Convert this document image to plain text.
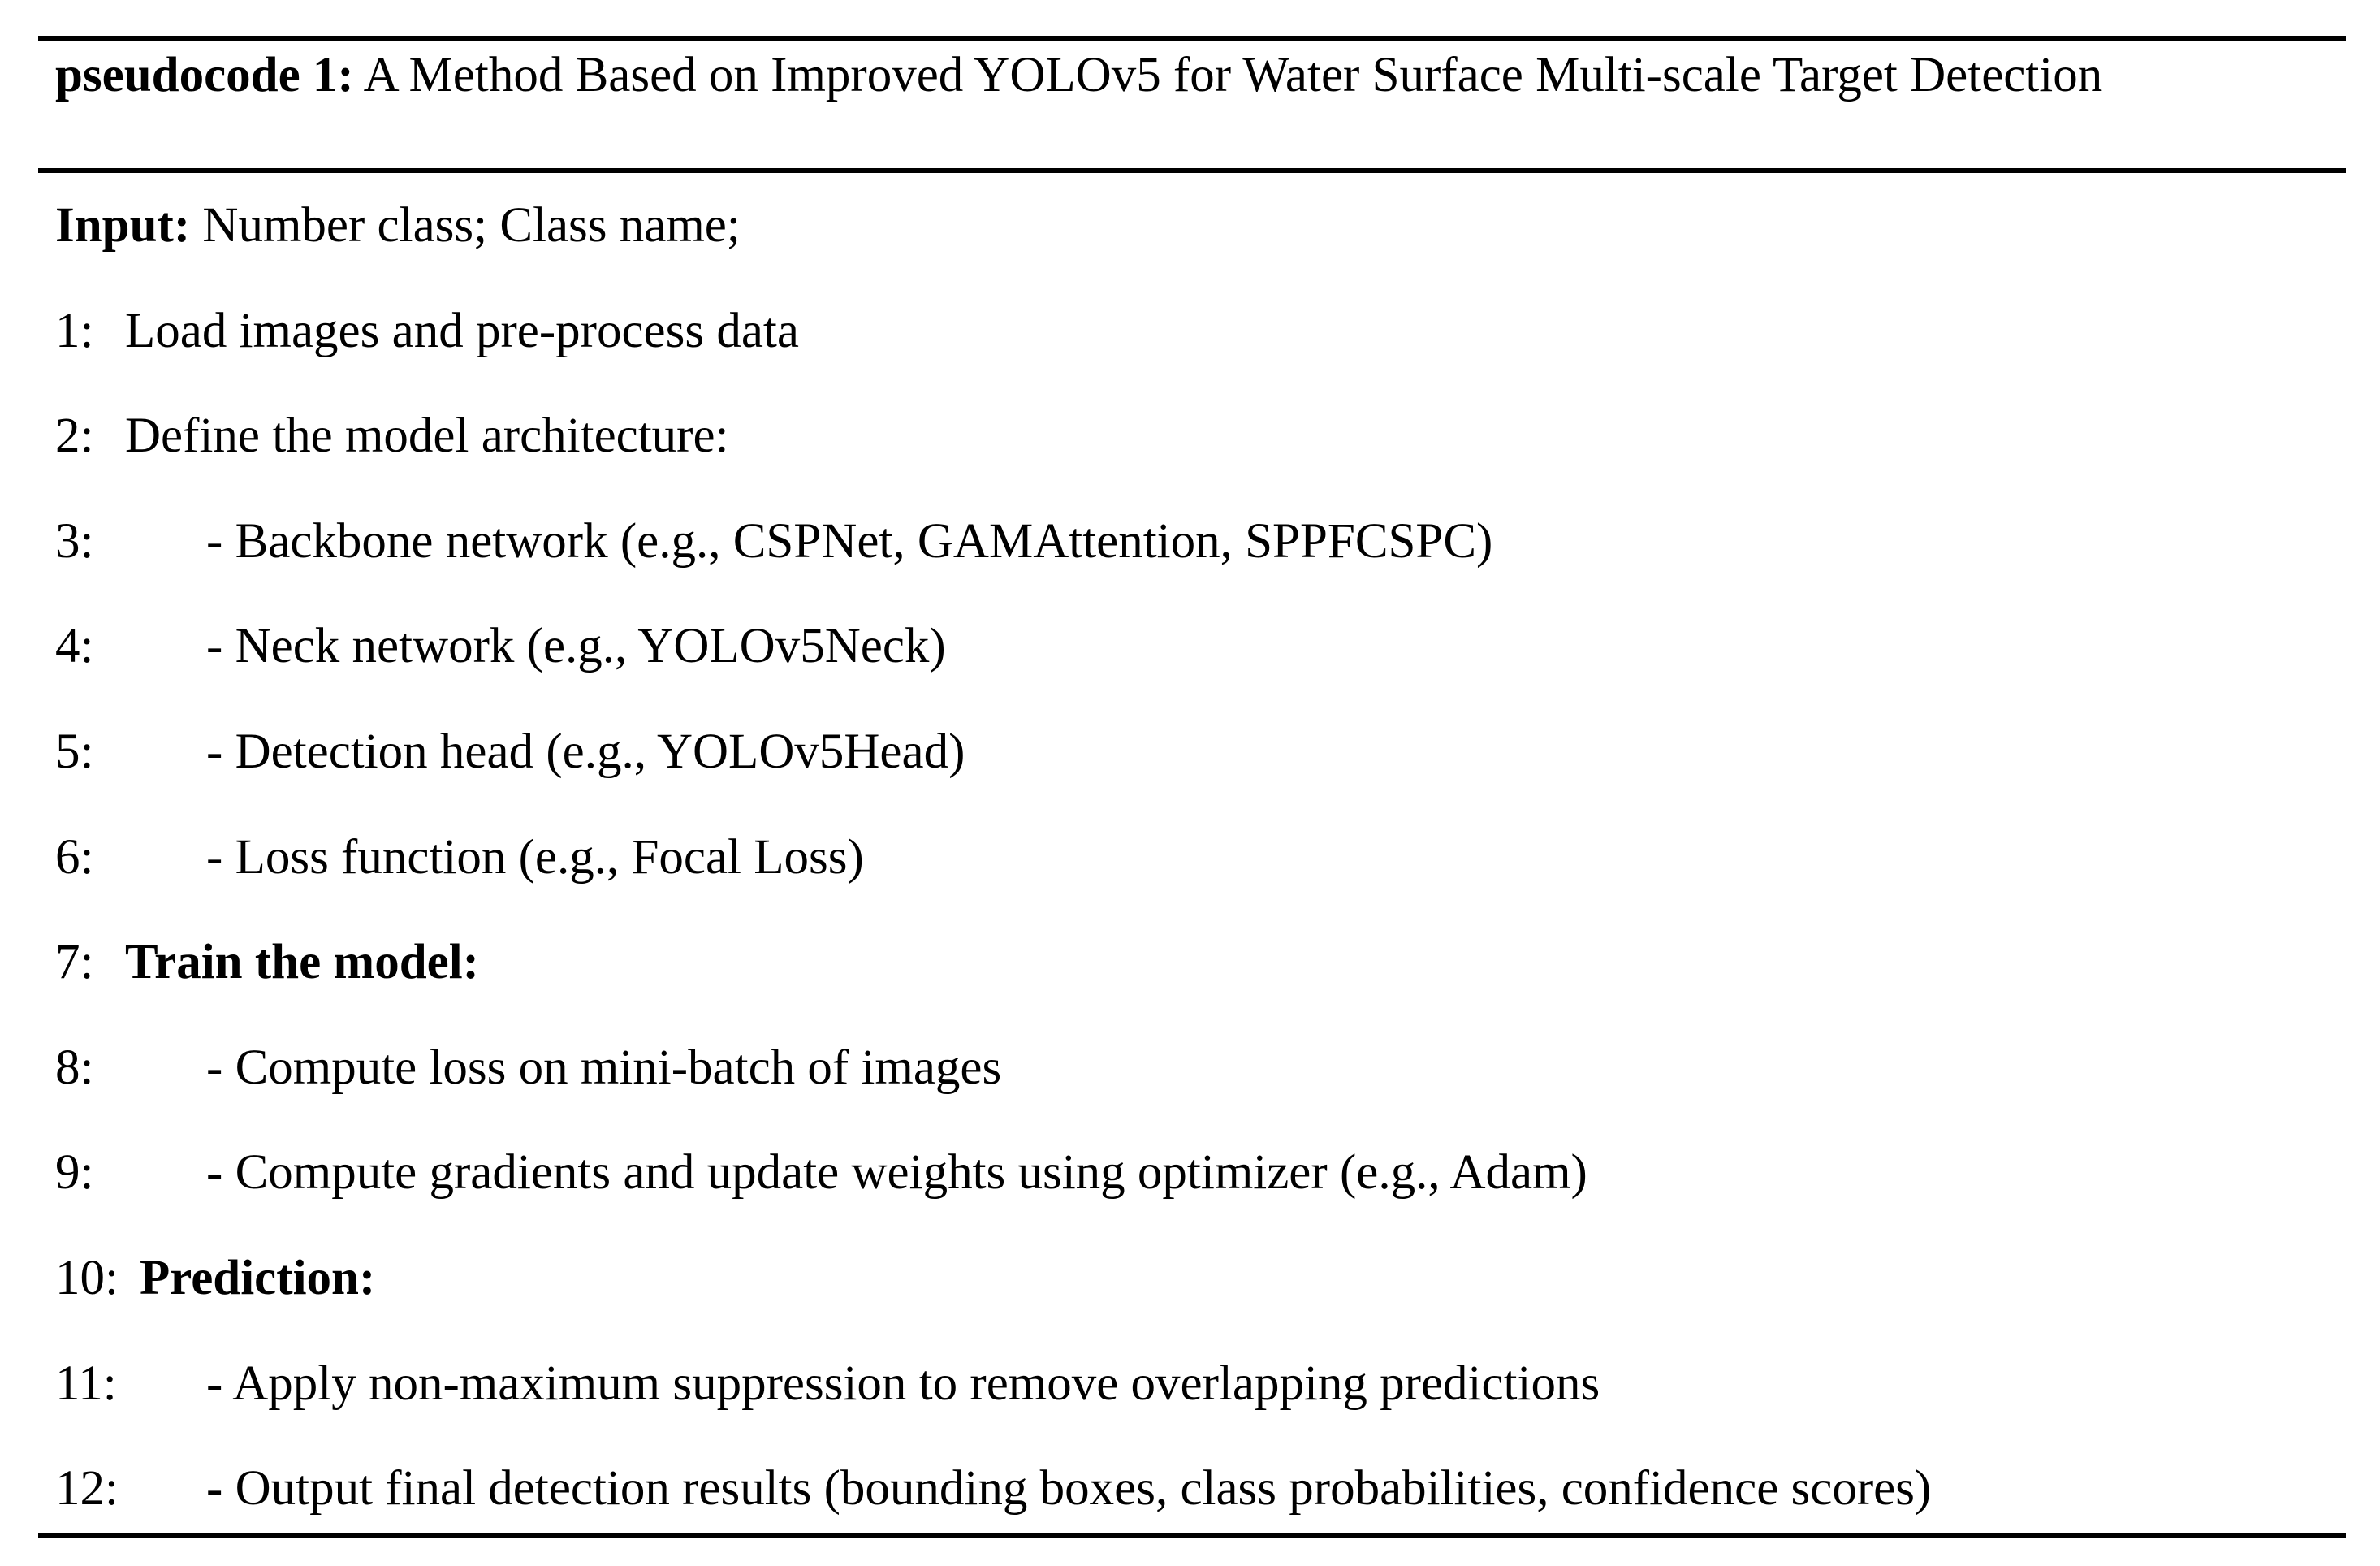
pseudocode 1: A Method Based on Improved YOLOv5 for Water Surface Multi-scale Target Detection
Input: Number class; Class name;
1: Load images and pre-process data
2: Define the model architecture:
3: - Backbone network (e.g., CSPNet, GAMAttention, SPPFCSPC)
4: - Neck network (e.g., YOLOv5Neck)
5: - Detection head (e.g., YOLOv5Head)
6: - Loss function (e.g., Focal Loss)
7: Train the model:
8: - Compute loss on mini-batch of images
9: - Compute gradients and update weights using optimizer (e.g., Adam)
10: Prediction:
11: - Apply non-maximum suppression to remove overlapping predictions
12: - Output final detection results (bounding boxes, class probabilities, confidence scores)
